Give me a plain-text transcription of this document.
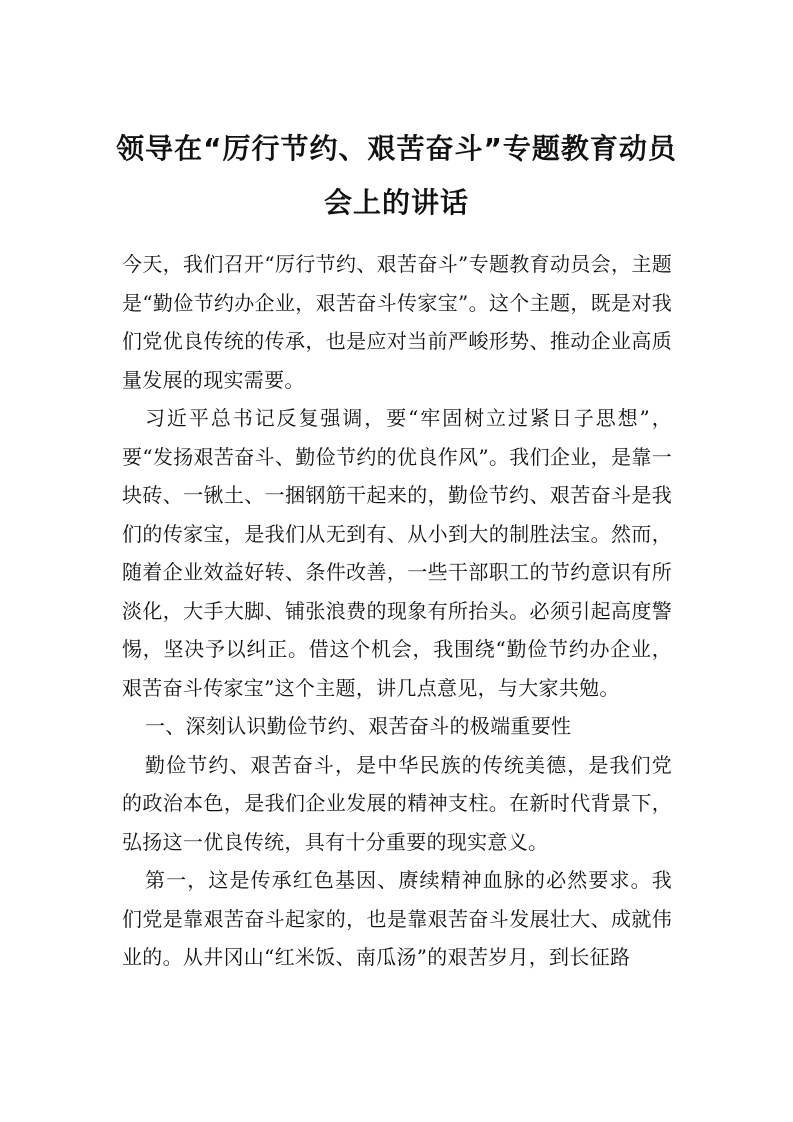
领导在“厉行节约、艰苦奋斗”专题教育动员会上的讲话

今天，我们召开“厉行节约、艰苦奋斗”专题教育动员会，主题是“勤俭节约办企业，艰苦奋斗传家宝”。这个主题，既是对我们党优良传统的传承，也是应对当前严峻形势、推动企业高质量发展的现实需要。

习近平总书记反复强调，要“牢固树立过紧日子思想”，要“发扬艰苦奋斗、勤俭节约的优良作风”。我们企业，是靠一块砖、一锹土、一捆钢筋干起来的，勤俭节约、艰苦奋斗是我们的传家宝，是我们从无到有、从小到大的制胜法宝。然而，随着企业效益好转、条件改善，一些干部职工的节约意识有所淡化，大手大脚、铺张浪费的现象有所抬头。必须引起高度警惕，坚决予以纠正。借这个机会，我围绕“勤俭节约办企业，艰苦奋斗传家宝”这个主题，讲几点意见，与大家共勉。

一、深刻认识勤俭节约、艰苦奋斗的极端重要性

勤俭节约、艰苦奋斗，是中华民族的传统美德，是我们党的政治本色，是我们企业发展的精神支柱。在新时代背景下，弘扬这一优良传统，具有十分重要的现实意义。

第一，这是传承红色基因、赓续精神血脉的必然要求。我们党是靠艰苦奋斗起家的，也是靠艰苦奋斗发展壮大、成就伟业的。从井冈山“红米饭、南瓜汤”的艰苦岁月，到长征路
